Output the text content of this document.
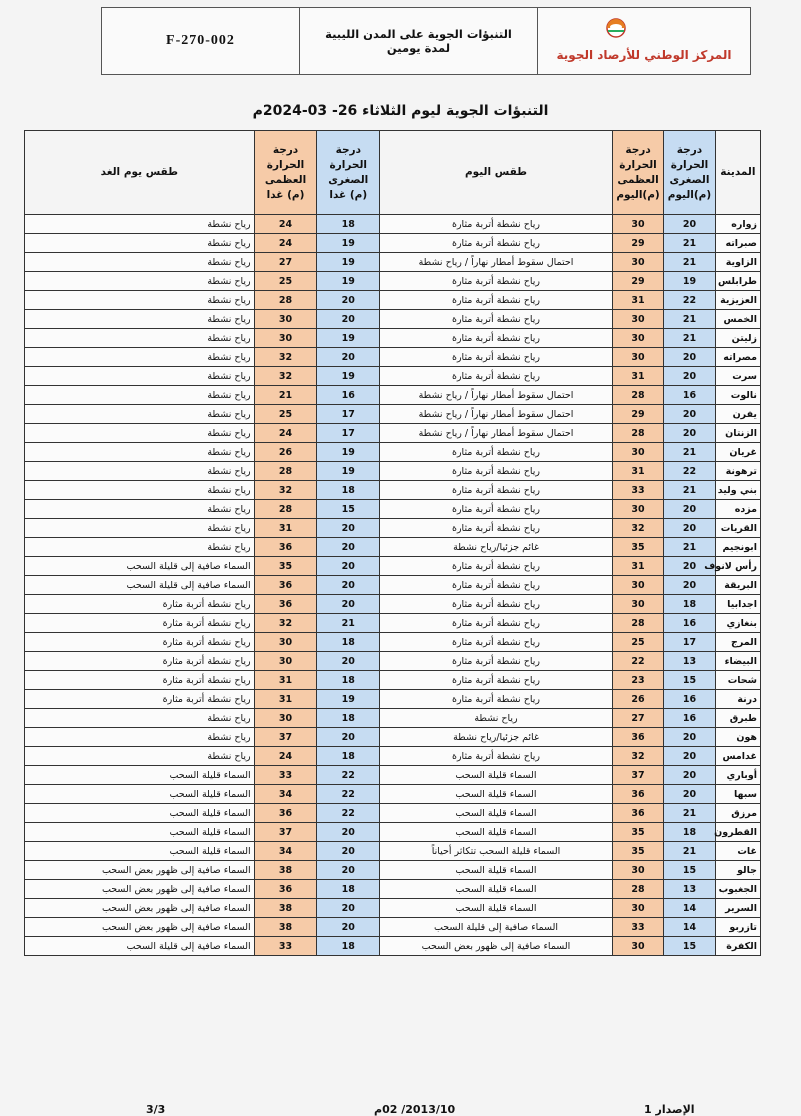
F-270-002	التنبؤات الجوية على المدن الليبية
لمدة يومين	المركز الوطني للأرصاد الجوية
التنبؤات الجوية ليوم الثلاثاء 26- 03-2024م
المدينة	درجة الحرارة الصغرى (م)اليوم	درجة الحرارة العظمى (م)اليوم	طقس اليوم	درجة الحرارة الصغرى (م) غدا	درجة الحرارة العظمى (م) غدا	طقس يوم الغد
زواره	20	30	رياح نشطة أتربة مثارة	18	24	رياح نشطة
صبراته	21	29	رياح نشطة أتربة مثارة	19	24	رياح نشطة
الزاوية	21	30	احتمال سقوط أمطار نهاراً / رياح نشطة	19	27	رياح نشطة
طرابلس	19	29	رياح نشطة أتربة مثارة	19	25	رياح نشطة
العزيزية	22	31	رياح نشطة أتربة مثارة	20	28	رياح نشطة
الخمس	21	30	رياح نشطة أتربة مثارة	20	30	رياح نشطة
زليتن	21	30	رياح نشطة أتربة مثارة	19	30	رياح نشطة
مصراته	20	30	رياح نشطة أتربة مثارة	20	32	رياح نشطة
سرت	20	31	رياح نشطة أتربة مثارة	19	32	رياح نشطة
نالوت	16	28	احتمال سقوط أمطار نهاراً / رياح نشطة	16	21	رياح نشطة
يفرن	20	29	احتمال سقوط أمطار نهاراً / رياح نشطة	17	25	رياح نشطة
الزنتان	20	28	احتمال سقوط أمطار نهاراً / رياح نشطة	17	24	رياح نشطة
غريان	21	30	رياح نشطة أتربة مثارة	19	26	رياح نشطة
ترهونة	22	31	رياح نشطة أتربة مثارة	19	28	رياح نشطة
بني وليد	21	33	رياح نشطة أتربة مثارة	18	32	رياح نشطة
مزده	20	30	رياح نشطة أتربة مثارة	15	28	رياح نشطة
القريات	20	32	رياح نشطة أتربة مثارة	20	31	رياح نشطة
ابونجيم	21	35	غائم جزئيا/رياح نشطة	20	36	رياح نشطة
رأس لانوف	20	31	رياح نشطة أتربة مثارة	20	35	السماء صافية إلى قليلة السحب
البريقة	20	30	رياح نشطة أتربة مثارة	20	36	السماء صافية إلى قليلة السحب
اجدابيا	18	30	رياح نشطة أتربة مثارة	20	36	رياح نشطة أتربة مثارة
بنغازي	16	28	رياح نشطة أتربة مثارة	21	32	رياح نشطة أتربة مثارة
المرج	17	25	رياح نشطة أتربة مثارة	18	30	رياح نشطة أتربة مثارة
البيضاء	13	22	رياح نشطة أتربة مثارة	20	30	رياح نشطة أتربة مثارة
شحات	15	23	رياح نشطة أتربة مثارة	18	31	رياح نشطة أتربة مثارة
درنة	16	26	رياح نشطة أتربة مثارة	19	31	رياح نشطة أتربة مثارة
طبرق	16	27	رياح نشطة	18	30	رياح نشطة
هون	20	36	غائم جزئيا/رياح نشطة	20	37	رياح نشطة
غدامس	20	32	رياح نشطة أتربة مثارة	18	24	رياح نشطة
أوباري	20	37	السماء قليلة السحب	22	33	السماء قليلة السحب
سبها	20	36	السماء قليلة السحب	22	34	السماء قليلة السحب
مرزق	21	36	السماء قليلة السحب	22	36	السماء قليلة السحب
القطرون	18	35	السماء قليلة السحب	20	37	السماء قليلة السحب
غات	21	35	السماء قليلة السحب تتكاثر أحياناً	20	34	السماء قليلة السحب
جالو	15	30	السماء قليلة السحب	20	38	السماء صافية إلى ظهور بعض السحب
الجغبوب	13	28	السماء قليلة السحب	18	36	السماء صافية إلى ظهور بعض السحب
السرير	14	30	السماء قليلة السحب	20	38	السماء صافية إلى ظهور بعض السحب
تازربو	14	33	السماء صافية إلى قليلة السحب	20	38	السماء صافية إلى ظهور بعض السحب
الكفرة	15	30	السماء صافية إلى ظهور بعض السحب	18	33	السماء صافية إلى قليلة السحب
الإصدار 1
2013/10/ 02م
3/3
